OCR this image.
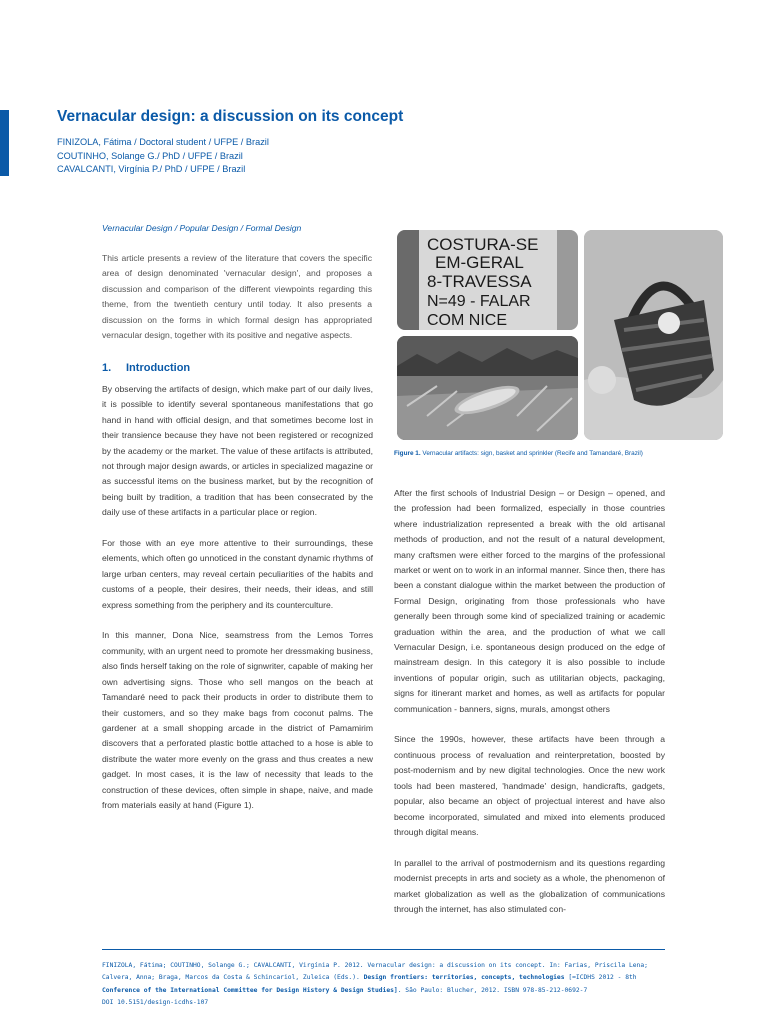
Vernacular design: a discussion on its concept
FINIZOLA, Fátima / Doctoral student / UFPE / Brazil
COUTINHO, Solange G./ PhD / UFPE / Brazil
CAVALCANTI, Virgínia P./ PhD / UFPE / Brazil
Vernacular Design / Popular Design / Formal Design
This article presents a review of the literature that covers the specific area of design denominated 'vernacular design', and proposes a discussion and comparison of the different viewpoints regarding this theme, from the twentieth century until today. It also presents a discussion on the forms in which formal design has appropriated vernacular design, together with its positive and negative aspects.
1. Introduction

By observing the artifacts of design, which make part of our daily lives, it is possible to identify several spontaneous manifestations that go hand in hand with official design, and that sometimes become lost in their transience because they have not been registered or recognized by the academy or the market. The value of these artifacts is attributed, not through major design awards, or articles in specialized magazine or as successful items on the business market, but by the recognition of being built by tradition, a tradition that has been consecrated by the daily use of these artifacts in a particular place or region.

For those with an eye more attentive to their surroundings, these elements, which often go unnoticed in the constant dynamic rhythms of large urban centers, may reveal certain peculiarities of the habits and customs of a people, their desires, their needs, their ideas, and still express something from the periphery and its counterculture.

In this manner, Dona Nice, seamstress from the Lemos Torres community, with an urgent need to promote her dressmaking business, also finds herself taking on the role of signwriter, capable of making her own advertising signs. Those who sell mangos on the beach at Tamandaré need to pack their products in order to distribute them to their customers, and so they make bags from coconut palms. The gardener at a small shopping arcade in the district of Pamamirim discovers that a perforated plastic bottle attached to a hose is able to distribute the water more evenly on the grass and thus creates a new gadget. In most cases, it is the law of necessity that leads to the construction of these devices, often simple in shape, naive, and made from materials easily at hand (Figure 1).

COSTURA-SE
EM-GERAL
8-TRAVESSA
N=49 - FALAR
COM NICE
Figure 1. Vernacular artifacts: sign, basket and sprinkler (Recife and Tamandaré, Brazil)

After the first schools of Industrial Design – or Design – opened, and the profession had been formalized, especially in those countries where industrialization represented a break with the old artisanal methods of production, and not the result of a natural development, many craftsmen were either forced to the margins of the professional market or went on to work in an informal manner. Since then, there has been a constant dialogue within the market between the production of Formal Design, originating from those professionals who have generally been through some kind of specialized training or academic graduation within the area, and the production of what we call Vernacular Design, i.e. spontaneous design produced on the edge of mainstream design. In this category it is also possible to include inventions of popular origin, such as utilitarian objects, packaging, signs for itinerant market and homes, as well as artifacts for popular communication - banners, signs, murals, amongst others

Since the 1990s, however, these artifacts have been through a continuous process of revaluation and reinterpretation, boosted by post-modernism and by new digital technologies. Once the new work tools had been mastered, 'handmade' design, handicrafts, gadgets, popular, also became an object of projectual interest and have also become incorporated, simulated and mixed into elements produced through digital means.

In parallel to the arrival of postmodernism and its questions regarding modernist precepts in arts and society as a whole, the phenomenon of market globalization as well as the globalization of communications through the internet, has also stimulated con-

FINIZOLA, Fátima; COUTINHO, Solange G.; CAVALCANTI, Virgínia P. 2012. Vernacular design: a discussion on its concept. In: Farias, Priscila Lena;
Calvera, Anna; Braga, Marcos da Costa & Schincariol, Zuleica (Eds.). Design frontiers: territories, concepts, technologies [=ICDHS 2012 - 8th
Conference of the International Committee for Design History & Design Studies]. São Paulo: Blucher, 2012. ISBN 978-85-212-0692-7
DOI 10.5151/design-icdhs-107
